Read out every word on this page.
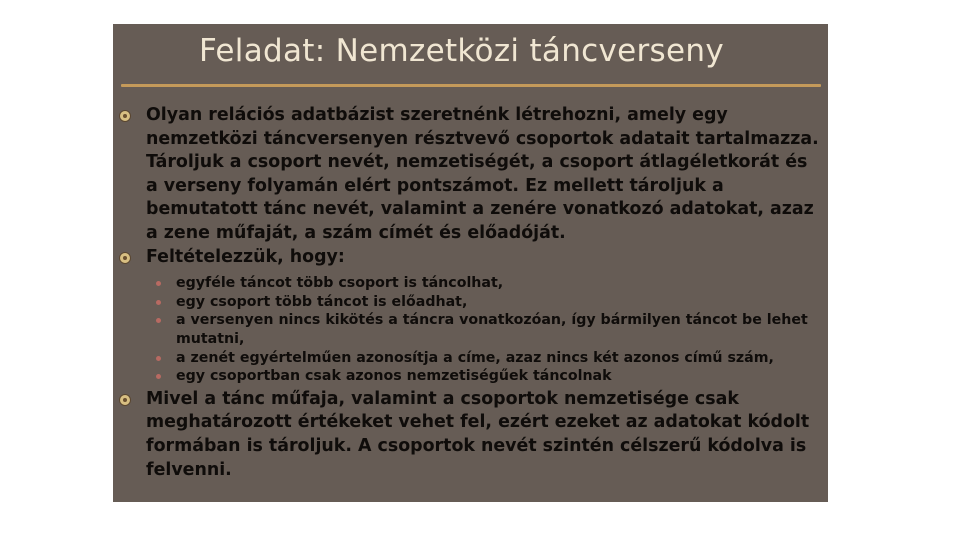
Feladat: Nemzetközi táncverseny
Olyan relációs adatbázist szeretnénk létrehozni, amely egy nemzetközi táncversenyen résztvevő csoportok adatait tartalmazza. Tároljuk a csoport nevét, nemzetiségét, a csoport átlagéletkorát és a verseny folyamán elért pontszámot. Ez mellett tároljuk a bemutatott tánc nevét, valamint a zenére vonatkozó adatokat, azaz a zene műfaját, a szám címét és előadóját.
Feltételezzük, hogy:
egyféle táncot több csoport is táncolhat,
egy csoport több táncot is előadhat,
a versenyen nincs kikötés a táncra vonatkozóan, így bármilyen táncot be lehet mutatni,
a zenét egyértelműen azonosítja a címe, azaz nincs két azonos című szám,
egy csoportban csak azonos nemzetiségűek táncolnak
Mivel a tánc műfaja, valamint a csoportok nemzetisége csak meghatározott értékeket vehet fel, ezért ezeket az adatokat kódolt formában is tároljuk. A csoportok nevét szintén célszerű kódolva is felvenni.
